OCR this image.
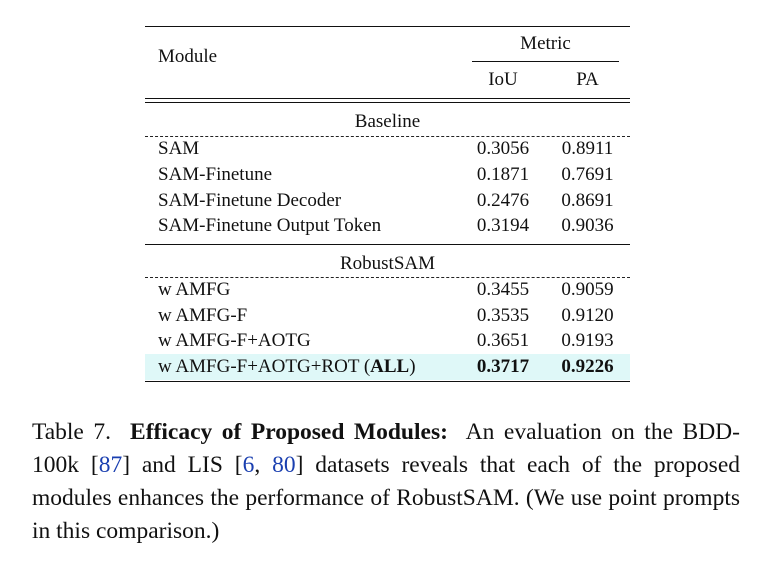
Module
Metric
IoU	PA
Baseline
SAM	0.3056	0.8911
SAM-Finetune	0.1871	0.7691
SAM-Finetune Decoder	0.2476	0.8691
SAM-Finetune Output Token	0.3194	0.9036
RobustSAM
w AMFG	0.3455	0.9059
w AMFG-F	0.3535	0.9120
w AMFG-F+AOTG	0.3651	0.9193
w AMFG-F+AOTG+ROT (ALL)	0.3717	0.9226
Table 7. Efficacy of Proposed Modules: An evaluation on the BDD-100k [87] and LIS [6, 80] datasets reveals that each of the proposed modules enhances the performance of RobustSAM. (We use point prompts in this comparison.)
